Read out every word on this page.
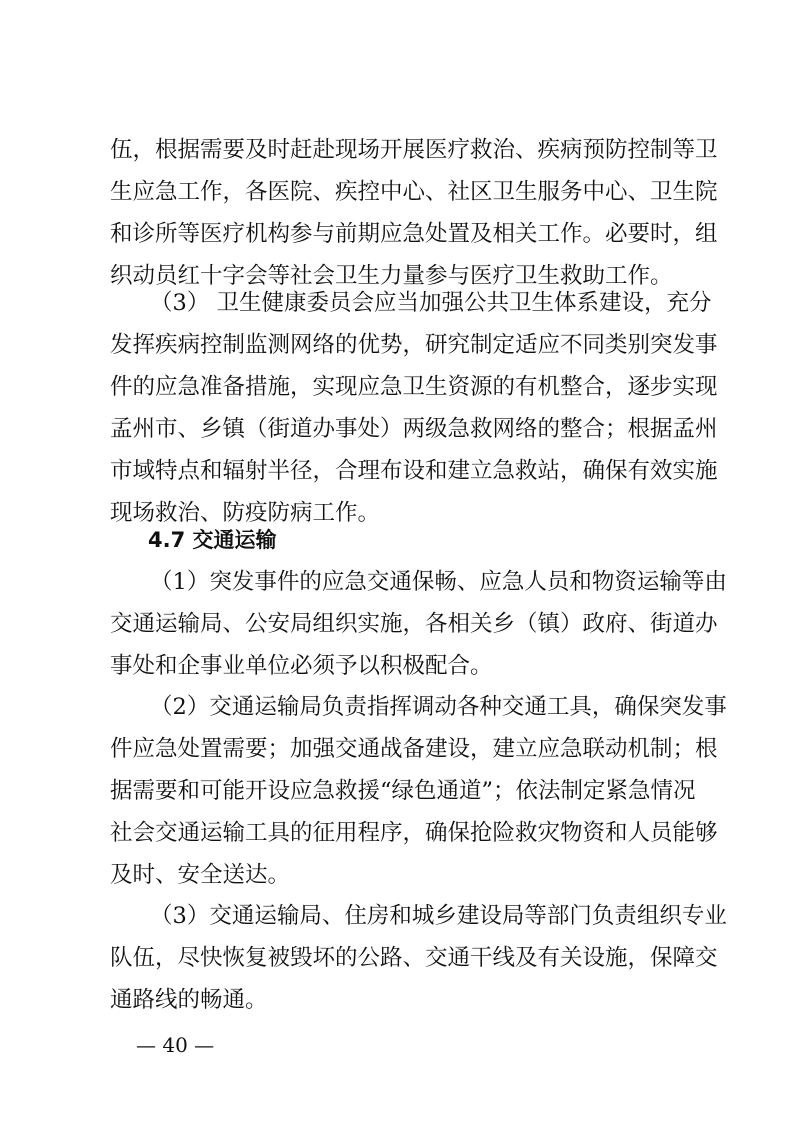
伍，根据需要及时赶赴现场开展医疗救治、疾病预防控制等卫
生应急工作，各医院、疾控中心、社区卫生服务中心、卫生院
和诊所等医疗机构参与前期应急处置及相关工作。必要时，组
织动员红十字会等社会卫生力量参与医疗卫生救助工作。
（3） 卫生健康委员会应当加强公共卫生体系建设，充分
发挥疾病控制监测网络的优势，研究制定适应不同类别突发事
件的应急准备措施，实现应急卫生资源的有机整合，逐步实现
孟州市、乡镇（街道办事处）两级急救网络的整合；根据孟州
市域特点和辐射半径，合理布设和建立急救站，确保有效实施
现场救治、防疫防病工作。
4.7 交通运输
（1）突发事件的应急交通保畅、应急人员和物资运输等由
交通运输局、公安局组织实施，各相关乡（镇）政府、街道办
事处和企事业单位必须予以积极配合。
（2）交通运输局负责指挥调动各种交通工具，确保突发事
件应急处置需要；加强交通战备建设，建立应急联动机制；根
据需要和可能开设应急救援“绿色通道”；依法制定紧急情况
社会交通运输工具的征用程序，确保抢险救灾物资和人员能够
及时、安全送达。
（3）交通运输局、住房和城乡建设局等部门负责组织专业
队伍，尽快恢复被毁坏的公路、交通干线及有关设施，保障交
— 40 —
通路线的畅通。
